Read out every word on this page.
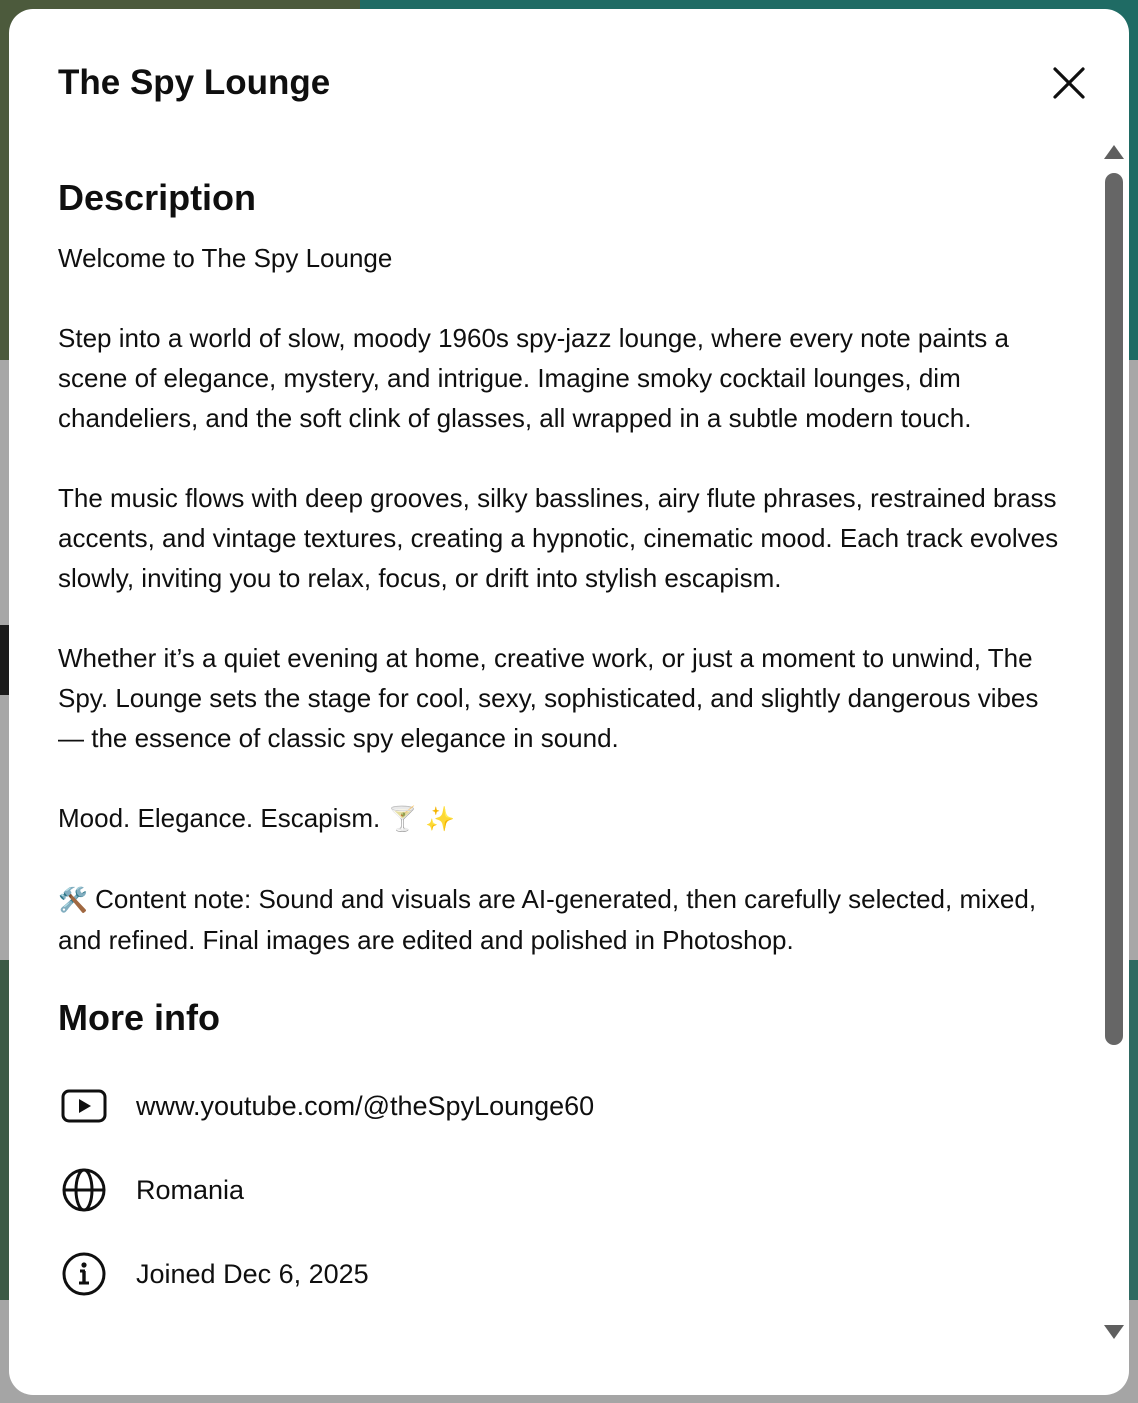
The Spy Lounge
Description

Welcome to The Spy Lounge

Step into a world of slow, moody 1960s spy-jazz lounge, where every note paints a scene of elegance, mystery, and intrigue. Imagine smoky cocktail lounges, dim chandeliers, and the soft clink of glasses, all wrapped in a subtle modern touch.

The music flows with deep grooves, silky basslines, airy flute phrases, restrained brass accents, and vintage textures, creating a hypnotic, cinematic mood. Each track evolves slowly, inviting you to relax, focus, or drift into stylish escapism.

Whether it’s a quiet evening at home, creative work, or just a moment to unwind, The Spy. Lounge sets the stage for cool, sexy, sophisticated, and slightly dangerous vibes — the essence of classic spy elegance in sound.

Mood. Elegance. Escapism. 🍸 ✨

🛠️ Content note: Sound and visuals are AI-generated, then carefully selected, mixed, and refined. Final images are edited and polished in Photoshop.

More info
www.youtube.com/@theSpyLounge60
Romania
Joined Dec 6, 2025
